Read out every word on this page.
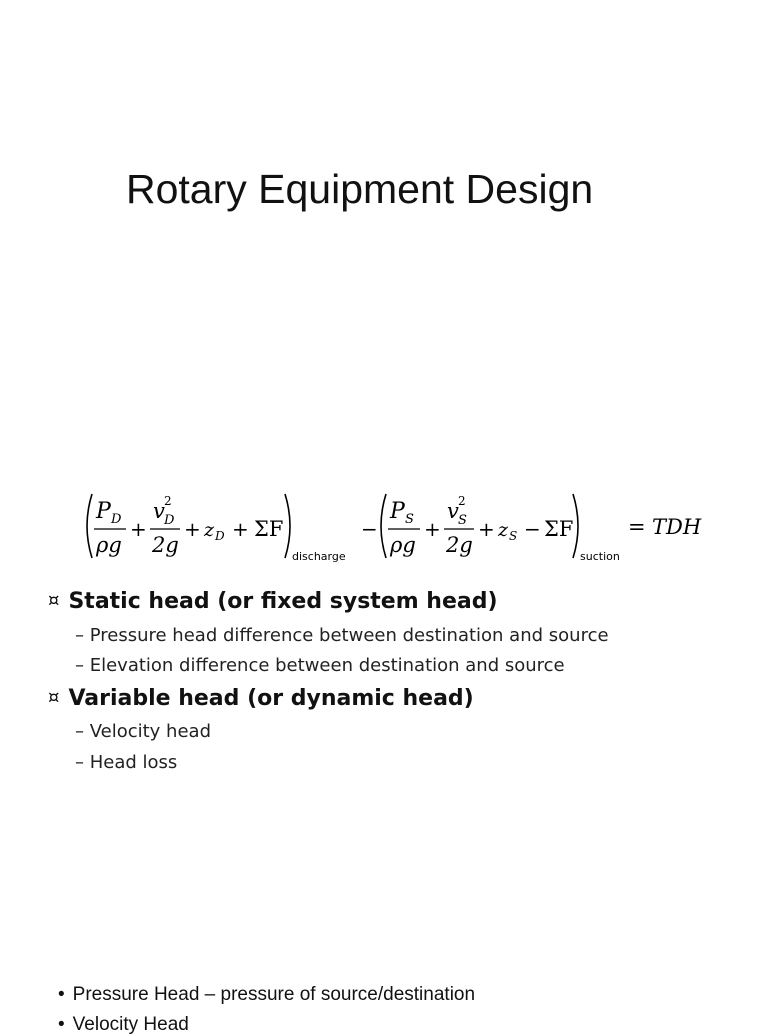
Rotary Equipment Design
P D
ρg
+
v 2
D
2g
+ z D + ΣF
discharge
−
P S
ρg
+
v 2
S
2g
+ z S − ΣF
suction
= TDH
¤ Static head (or fixed system head)
– Pressure head difference between destination and source
– Elevation difference between destination and source
¤ Variable head (or dynamic head)
– Velocity head
– Head loss
• Pressure Head – pressure of source/destination
• Velocity Head
